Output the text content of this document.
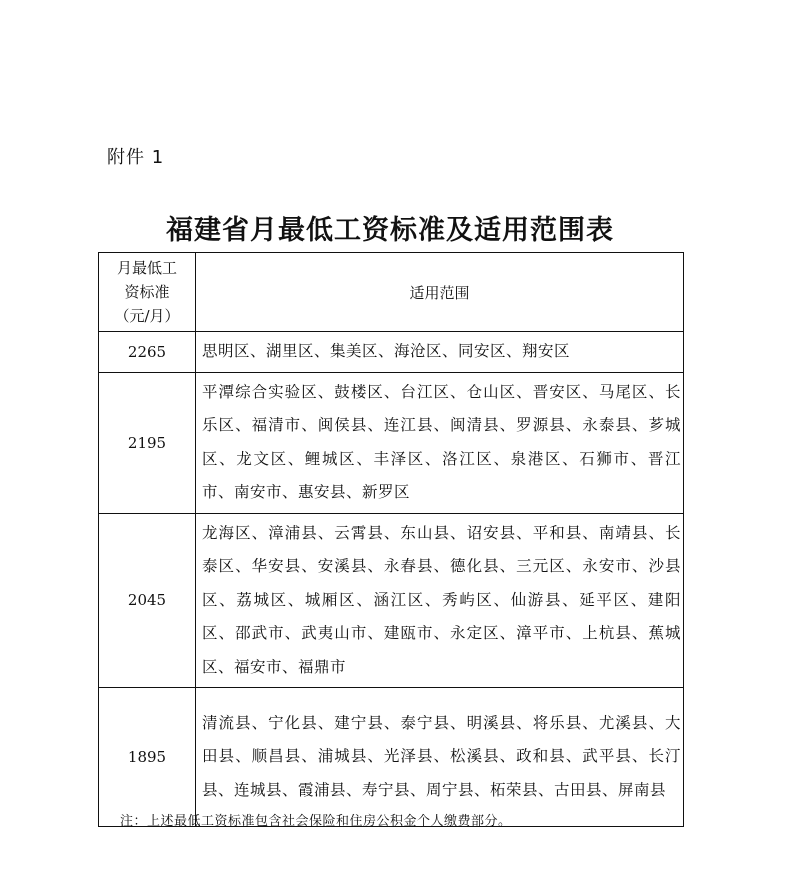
附件 1
福建省月最低工资标准及适用范围表
月最低工
资标准
（元/月）	适用范围
2265	思明区、湖里区、集美区、海沧区、同安区、翔安区
2195	平潭综合实验区、鼓楼区、台江区、仓山区、晋安区、马尾区、长乐区、福清市、闽侯县、连江县、闽清县、罗源县、永泰县、芗城区、龙文区、鲤城区、丰泽区、洛江区、泉港区、石狮市、晋江市、南安市、惠安县、新罗区
2045	龙海区、漳浦县、云霄县、东山县、诏安县、平和县、南靖县、长泰区、华安县、安溪县、永春县、德化县、三元区、永安市、沙县区、荔城区、城厢区、涵江区、秀屿区、仙游县、延平区、建阳区、邵武市、武夷山市、建瓯市、永定区、漳平市、上杭县、蕉城区、福安市、福鼎市
1895	清流县、宁化县、建宁县、泰宁县、明溪县、将乐县、尤溪县、大田县、顺昌县、浦城县、光泽县、松溪县、政和县、武平县、长汀县、连城县、霞浦县、寿宁县、周宁县、柘荣县、古田县、屏南县
注：上述最低工资标准包含社会保险和住房公积金个人缴费部分。
